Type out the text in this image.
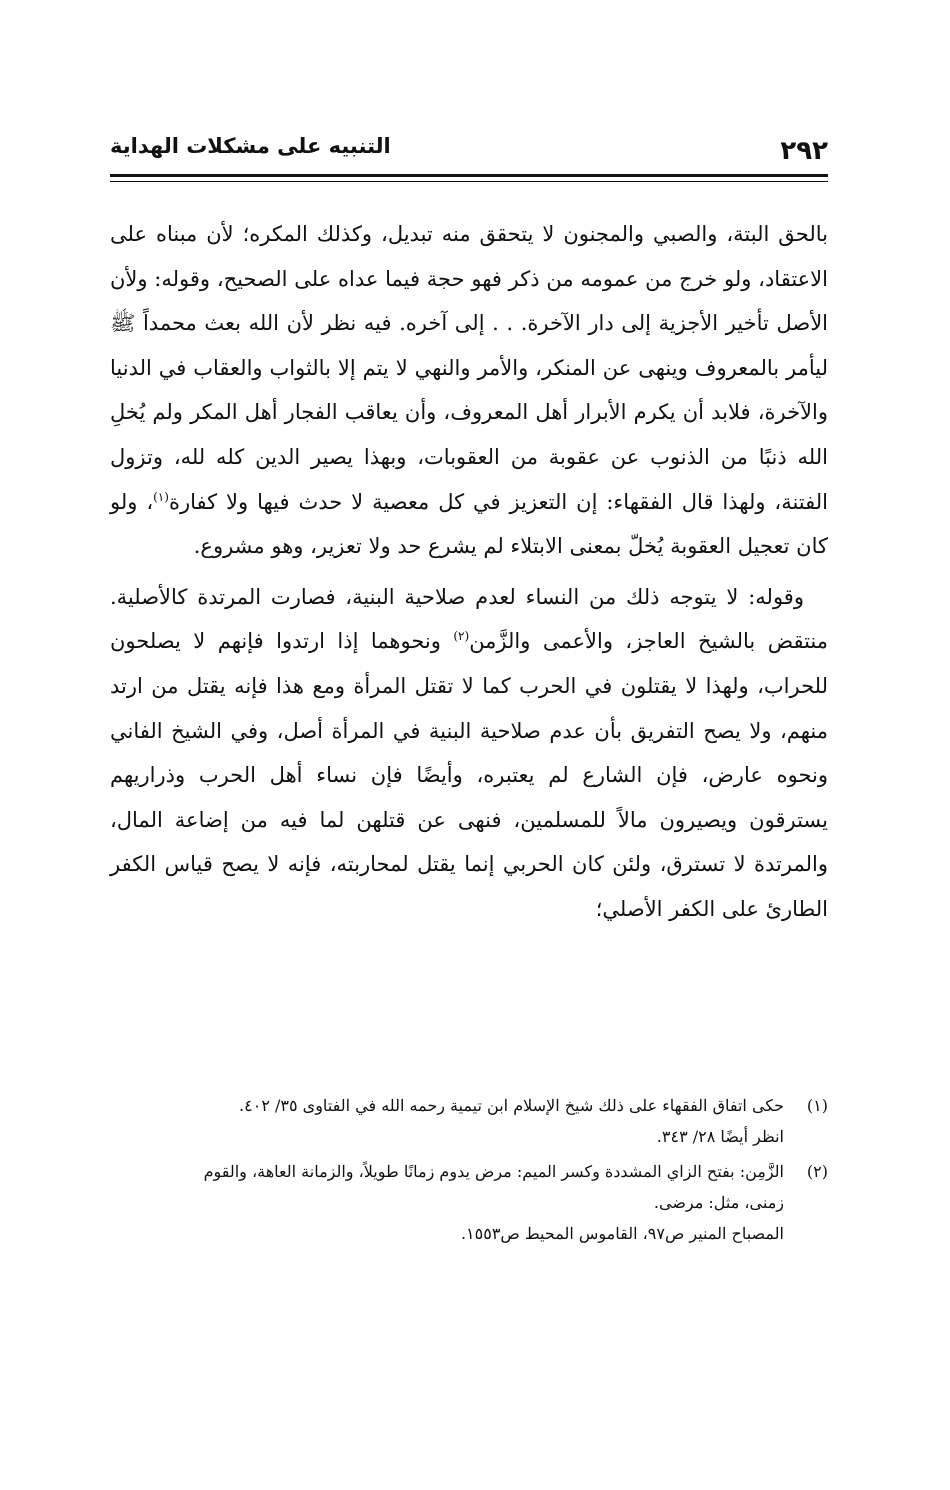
٢٩٢
التنبيه على مشكلات الهداية

بالحق البتة، والصبي والمجنون لا يتحقق منه تبديل، وكذلك المكره؛ لأن مبناه على الاعتقاد، ولو خرج من عمومه من ذكر فهو حجة فيما عداه على الصحيح، وقوله: ولأن الأصل تأخير الأجزية إلى دار الآخرة. . . إلى آخره. فيه نظر لأن الله بعث محمداً ﷺ ليأمر بالمعروف وينهى عن المنكر، والأمر والنهي لا يتم إلا بالثواب والعقاب في الدنيا والآخرة، فلابد أن يكرم الأبرار أهل المعروف، وأن يعاقب الفجار أهل المكر ولم يُخلِ الله ذنبًا من الذنوب عن عقوبة من العقوبات، وبهذا يصير الدين كله لله، وتزول الفتنة، ولهذا قال الفقهاء: إن التعزيز في كل معصية لا حدث فيها ولا كفارة$^{(١)}$، ولو كان تعجيل العقوبة يُخلّ بمعنى الابتلاء لم يشرع حد ولا تعزير، وهو مشروع.

وقوله: لا يتوجه ذلك من النساء لعدم صلاحية البنية، فصارت المرتدة كالأصلية. منتقض بالشيخ العاجز، والأعمى والزَّمن$^{(٢)}$ ونحوهما إذا ارتدوا فإنهم لا يصلحون للحراب، ولهذا لا يقتلون في الحرب كما لا تقتل المرأة ومع هذا فإنه يقتل من ارتد منهم، ولا يصح التفريق بأن عدم صلاحية البنية في المرأة أصل، وفي الشيخ الفاني ونحوه عارض، فإن الشارع لم يعتبره، وأيضًا فإن نساء أهل الحرب وذراريهم يسترقون ويصيرون مالاً للمسلمين، فنهى عن قتلهن لما فيه من إضاعة المال، والمرتدة لا تسترق، ولئن كان الحربي إنما يقتل لمحاربته، فإنه لا يصح قياس الكفر الطارئ على الكفر الأصلي؛

(١)
حكى اتفاق الفقهاء على ذلك شيخ الإسلام ابن تيمية رحمه الله في الفتاوى ٣٥/ ٤٠٢.
انظر أيضًا ٢٨/ ٣٤٣.
(٢)
الزَّمِن: بفتح الزاي المشددة وكسر الميم: مرض يدوم زمانًا طويلاً، والزمانة العاهة، والقوم
زمنى، مثل: مرضى.
المصباح المنير ص٩٧، القاموس المحيط ص١٥٥٣.
